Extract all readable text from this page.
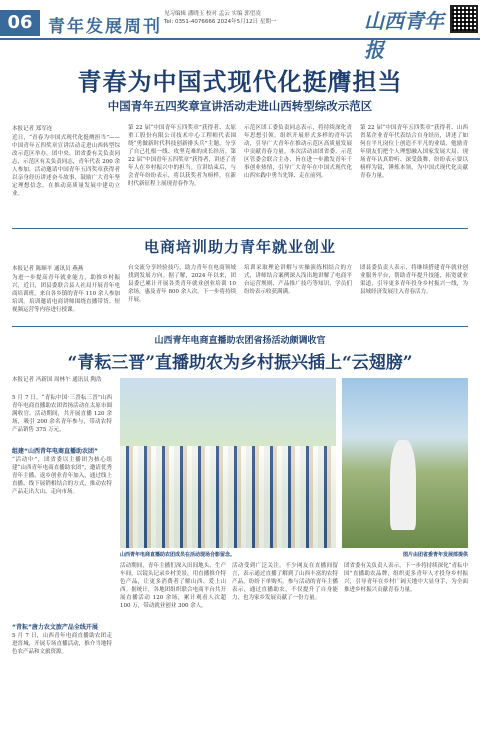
06 青年发展周刊
见习编辑 潘晓玉 校对 孟云 实编 郭望凌
Tel: 0351-4076666 2024年5月12日 星期一	山西青年报
青春为中国式现代化挺膺担当
中国青年五四奖章宣讲活动走进山西转型综改示范区
本报记者 郑军连
近日，“青春为中国式现代化挺膺担当”——中国青年五四奖章宣讲活动走进山西转型综改示范区举办。团中央、团省委有关负责同志，示范区有关负责同志，青年代表 200 余人参加。活动邀请中国青年五四奖章获得者以亲身经历讲述奋斗故事，鼓励广大青年坚定理想信念，在推动高质量发展中建功立业。
第 22 届“中国青年五四奖章”获得者、太原重工股份有限公司技术中心工程师代表围绕“勇做新时代科技创新排头兵”主题，分享了自己扎根一线、攻坚克难的成长经历。第 22 届“中国青年五四奖章”获得者，讲述了青年人在乡村振兴中的担当。宣讲结束后，与会青年纷纷表示，将以获奖者为榜样，在新时代新征程上展现青春作为。
示范区团工委负责同志表示，将持续深化青年思想引领，组织开展形式多样的青年活动，引导广大青年在推动示范区高质量发展中贡献青春力量。本次活动由团省委、示范区管委会联合主办，旨在进一步激发青年干事创业热情，引导广大青年在中国式现代化山西实践中勇当先锋、走在前列。
第 22 届“中国青年五四奖章”获得者、山西省某企业青年代表结合自身经历，讲述了如何在平凡岗位上创造不平凡的业绩，勉励青年朋友们把个人理想融入国家发展大局。现场青年认真聆听、深受鼓舞，纷纷表示要以榜样为镜，锤炼本领，为中国式现代化贡献青春力量。
电商培训助力青年就业创业
本报记者 陈顺平 通讯员 燕燕
为进一步提高青年就业能力，助推乡村振兴，近日，团县委联合县人社局开展青年电商培训班，来自各乡镇的青年 110 余人参加培训。培训邀请电商讲师围绕直播带货、短视频运营等内容进行授课。
台交流分享经验技巧，助力青年在电商领域找到发展方向。据了解，2024 年以来，团县委已累计开展各类青年就业创业培训 10 余场，惠及青年 800 余人次。下一步将持续开展。
培训采取理论讲解与实操演练相结合的方式，讲师结合案例深入浅出地讲解了电商平台运营规则、产品推广技巧等知识，学员们纷纷表示收获满满。
团县委负责人表示，将继续搭建青年就业创业服务平台，帮助青年提升技能，拓宽就业渠道，引导更多青年投身乡村振兴一线，为县域经济发展注入青春活力。
山西青年电商直播助农团省扬活动颇调收官
“青耘三晋”直播助农为乡村振兴插上“云翅膀”
本报记者 冯新国 周林午 通讯员 陶浩
5 月 7 日，“青耘中国·三晋耘三晋”山西青年电商直播助农团省扬活动在太原市圆满收官。活动期间，共开展直播 120 余场，吸引 200 余名青年参与，带动农特产品销售 375 万元。
组建“山西青年电商直播助农团”
“活动中”，团省委以主播团为核心组建“山西青年电商直播助农团”，邀请优秀青年主播、返乡创业青年加入，通过线上直播、线下展销相结合的方式，推动农特产品走出大山、走向市场。
“青耘”唐力农文旅产品全线开展
5 月 7 日，山西青年电商直播助农团走进晋城，开展专场直播活动，推介当地特色农产品和文旅资源。
山西青年电商直播助农团成员在活动现场合影留念。	图片由团省委青年发展部提供
活动期间，青年主播们深入田间地头、生产车间，以镜头记录乡村美景，用直播推介特色产品，让更多消费者了解山西、爱上山西。据统计，各地团组织联合电商平台共开展直播活动 120 余场，累计观看人次超 100 万，带动就业创业 300 余人。
活动受到广泛关注。不少网友在直播间留言，表示通过直播了解到了山西丰富的农特产品，纷纷下单购买。参与活动的青年主播表示，通过直播助农，不仅提升了自身能力，也为家乡发展贡献了一份力量。
团省委有关负责人表示，下一步将持续深化“青耘中国”直播助农品牌，组织更多青年人才投身乡村振兴，引导青年在乡村广阔天地中大显身手，为全面推进乡村振兴贡献青春力量。
